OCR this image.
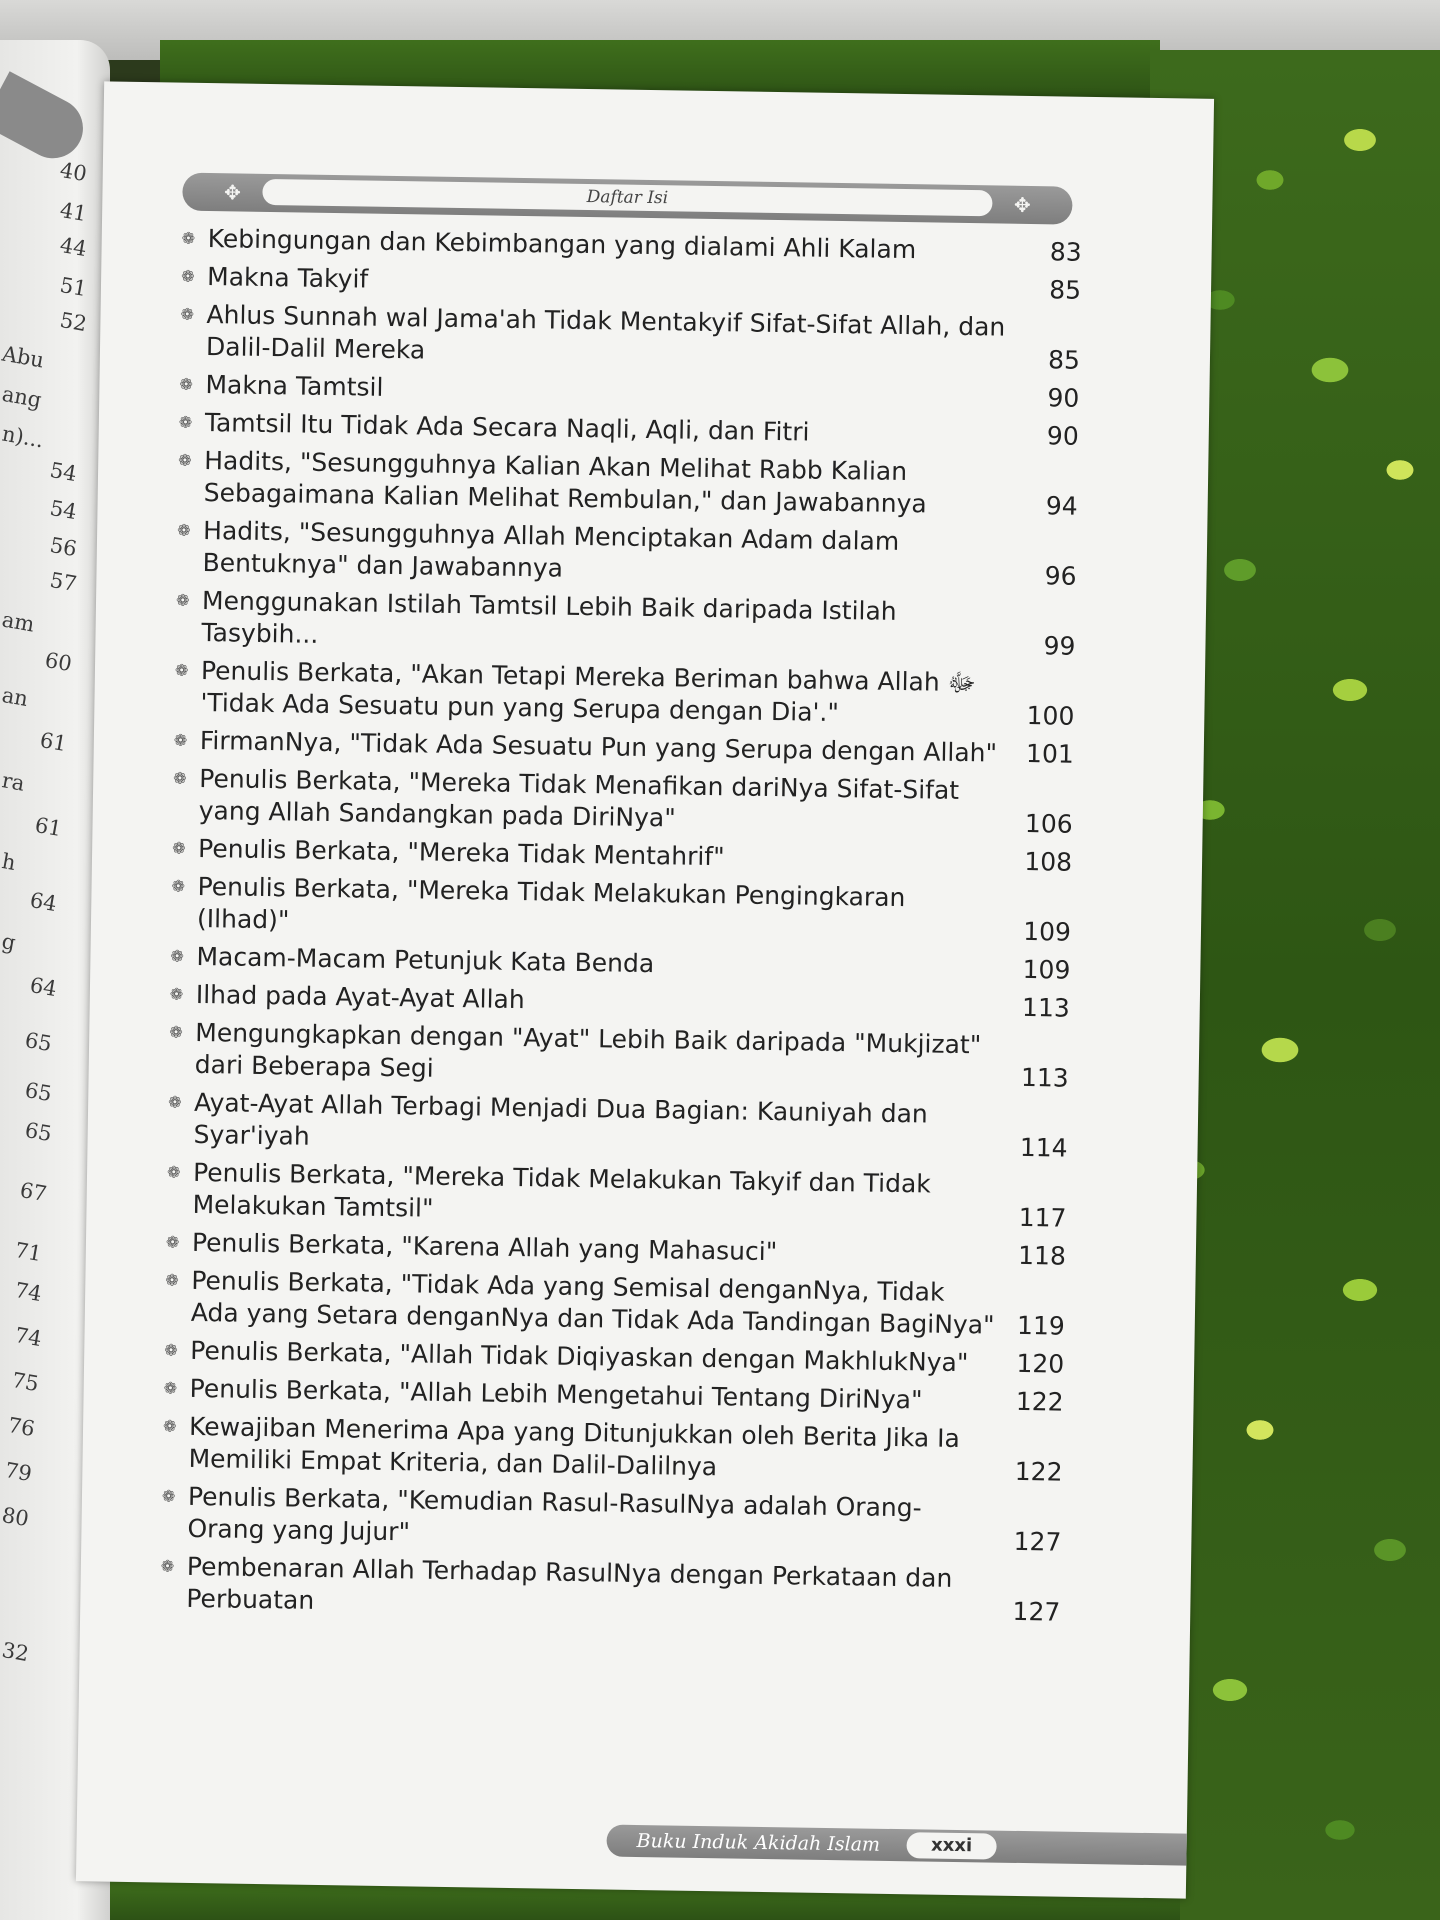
40
41
44
51
52
Abu
ang
n)...
54
54
56
57
am
60
an
61
ra
61
h
64
g
64
65
65
65
67
71
74
74
75
76
79
80
32
✥	Daftar Isi	✥
❁ Kebingungan dan Kebimbangan yang dialami Ahli Kalam	83
❁ Makna Takyif	85
❁ Ahlus Sunnah wal Jama'ah Tidak Mentakyif Sifat-Sifat Allah, dan Dalil-Dalil Mereka	85
❁ Makna Tamtsil	90
❁ Tamtsil Itu Tidak Ada Secara Naqli, Aqli, dan Fitri	90
❁ Hadits, "Sesungguhnya Kalian Akan Melihat Rabb Kalian Sebagaimana Kalian Melihat Rembulan," dan Jawabannya	94
❁ Hadits, "Sesungguhnya Allah Menciptakan Adam dalam Bentuknya" dan Jawabannya	96
❁ Menggunakan Istilah Tamtsil Lebih Baik daripada Istilah Tasybih...	99
❁ Penulis Berkata, "Akan Tetapi Mereka Beriman bahwa Allah ﷻ 'Tidak Ada Sesuatu pun yang Serupa dengan Dia'."	100
❁ FirmanNya, "Tidak Ada Sesuatu Pun yang Serupa dengan Allah"	101
❁ Penulis Berkata, "Mereka Tidak Menafikan dariNya Sifat-Sifat yang Allah Sandangkan pada DiriNya"	106
❁ Penulis Berkata, "Mereka Tidak Mentahrif"	108
❁ Penulis Berkata, "Mereka Tidak Melakukan Pengingkaran (Ilhad)"	109
❁ Macam-Macam Petunjuk Kata Benda	109
❁ Ilhad pada Ayat-Ayat Allah	113
❁ Mengungkapkan dengan "Ayat" Lebih Baik daripada "Mukjizat" dari Beberapa Segi	113
❁ Ayat-Ayat Allah Terbagi Menjadi Dua Bagian: Kauniyah dan Syar'iyah	114
❁ Penulis Berkata, "Mereka Tidak Melakukan Takyif dan Tidak Melakukan Tamtsil"	117
❁ Penulis Berkata, "Karena Allah yang Mahasuci"	118
❁ Penulis Berkata, "Tidak Ada yang Semisal denganNya, Tidak Ada yang Setara denganNya dan Tidak Ada Tandingan BagiNya" 119
❁ Penulis Berkata, "Allah Tidak Diqiyaskan dengan MakhlukNya"	120
❁ Penulis Berkata, "Allah Lebih Mengetahui Tentang DiriNya"	122
❁ Kewajiban Menerima Apa yang Ditunjukkan oleh Berita Jika Ia Memiliki Empat Kriteria, dan Dalil-Dalilnya	122
❁ Penulis Berkata, "Kemudian Rasul-RasulNya adalah Orang-Orang yang Jujur"	127
❁ Pembenaran Allah Terhadap RasulNya dengan Perkataan dan Perbuatan	127
Buku Induk Akidah Islam	xxxi
